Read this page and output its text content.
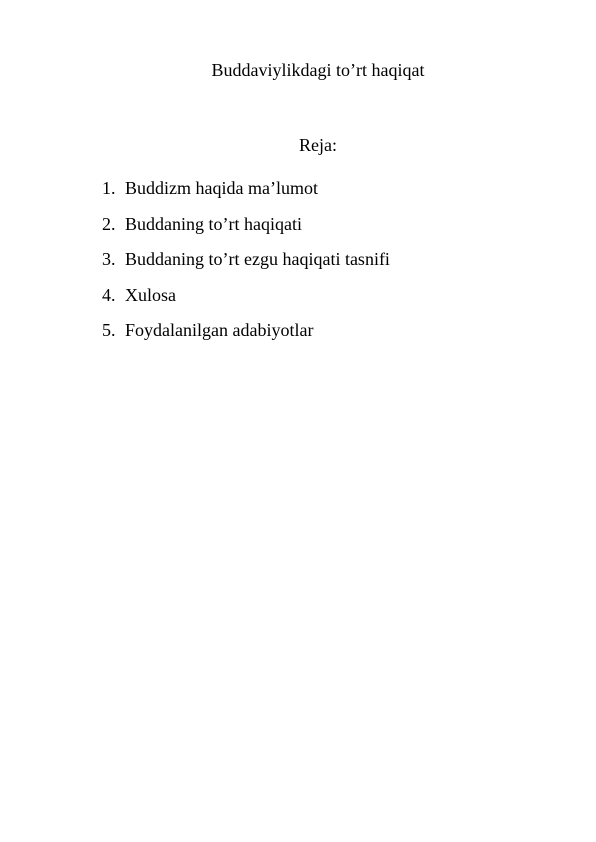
Buddaviylikdagi to’rt haqiqat
Reja:
1. Buddizm haqida ma’lumot
2. Buddaning to’rt haqiqati
3. Buddaning to’rt ezgu haqiqati tasnifi
4. Xulosa
5. Foydalanilgan adabiyotlar
